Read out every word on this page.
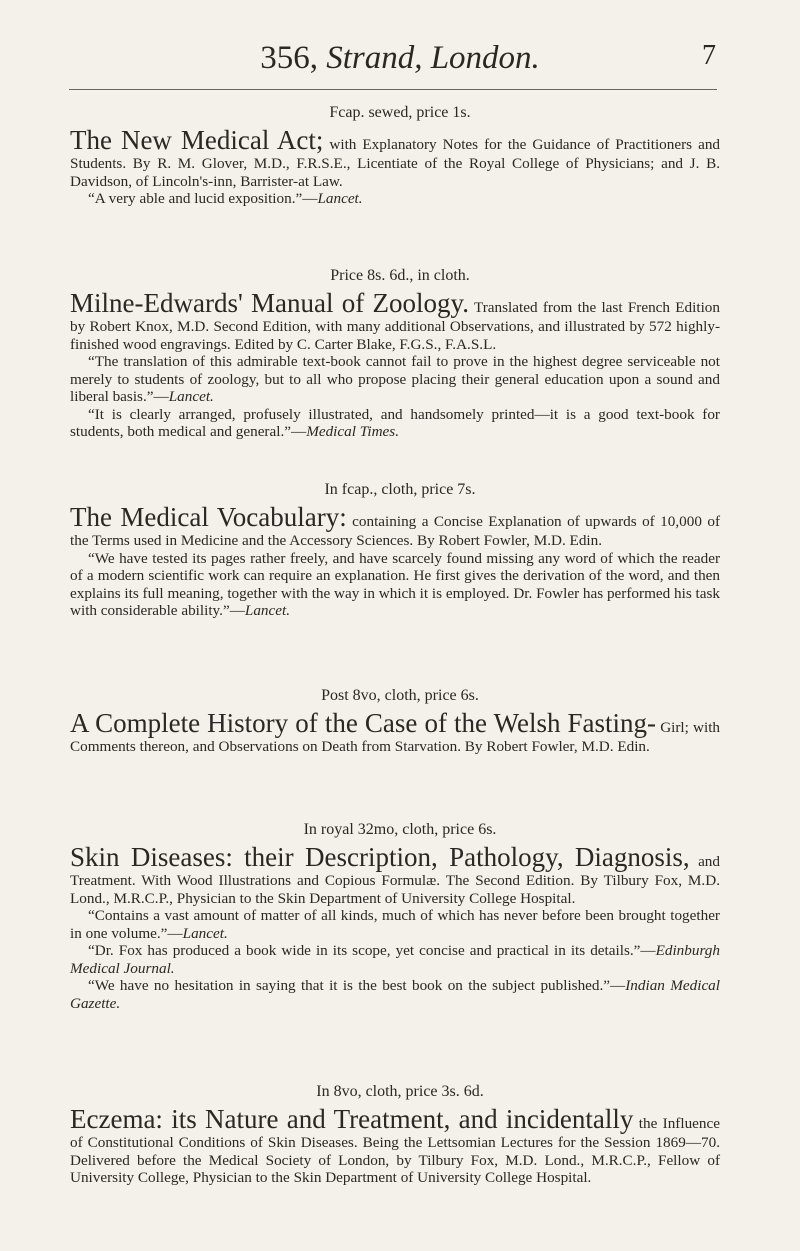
356, Strand, London.	7
Fcap. sewed, price 1s.
The New Medical Act; with Explanatory Notes for the Guidance of Practitioners and Students. By R. M. Glover, M.D., F.R.S.E., Licentiate of the Royal College of Physicians; and J. B. Davidson, of Lincoln's-inn, Barrister-at Law.
“A very able and lucid exposition.”—Lancet.
Price 8s. 6d., in cloth.
Milne-Edwards' Manual of Zoology. Translated from the last French Edition by Robert Knox, M.D. Second Edition, with many additional Observations, and illustrated by 572 highly-finished wood engravings. Edited by C. Carter Blake, F.G.S., F.A.S.L.
“The translation of this admirable text-book cannot fail to prove in the highest degree serviceable not merely to students of zoology, but to all who propose placing their general education upon a sound and liberal basis.”—Lancet.
“It is clearly arranged, profusely illustrated, and handsomely printed—it is a good text-book for students, both medical and general.”—Medical Times.
In fcap., cloth, price 7s.
The Medical Vocabulary: containing a Concise Explanation of upwards of 10,000 of the Terms used in Medicine and the Accessory Sciences. By Robert Fowler, M.D. Edin.
“We have tested its pages rather freely, and have scarcely found missing any word of which the reader of a modern scientific work can require an explanation. He first gives the derivation of the word, and then explains its full meaning, together with the way in which it is employed. Dr. Fowler has performed his task with considerable ability.”—Lancet.
Post 8vo, cloth, price 6s.
A Complete History of the Case of the Welsh Fasting- Girl; with Comments thereon, and Observations on Death from Starvation. By Robert Fowler, M.D. Edin.
In royal 32mo, cloth, price 6s.
Skin Diseases: their Description, Pathology, Diagnosis, and Treatment. With Wood Illustrations and Copious Formulæ. The Second Edition. By Tilbury Fox, M.D. Lond., M.R.C.P., Physician to the Skin Department of University College Hospital.
“Contains a vast amount of matter of all kinds, much of which has never before been brought together in one volume.”—Lancet.
“Dr. Fox has produced a book wide in its scope, yet concise and practical in its details.”—Edinburgh Medical Journal.
“We have no hesitation in saying that it is the best book on the subject published.”—Indian Medical Gazette.
In 8vo, cloth, price 3s. 6d.
Eczema: its Nature and Treatment, and incidentally the Influence of Constitutional Conditions of Skin Diseases. Being the Lettsomian Lectures for the Session 1869—70. Delivered before the Medical Society of London, by Tilbury Fox, M.D. Lond., M.R.C.P., Fellow of University College, Physician to the Skin Department of University College Hospital.
